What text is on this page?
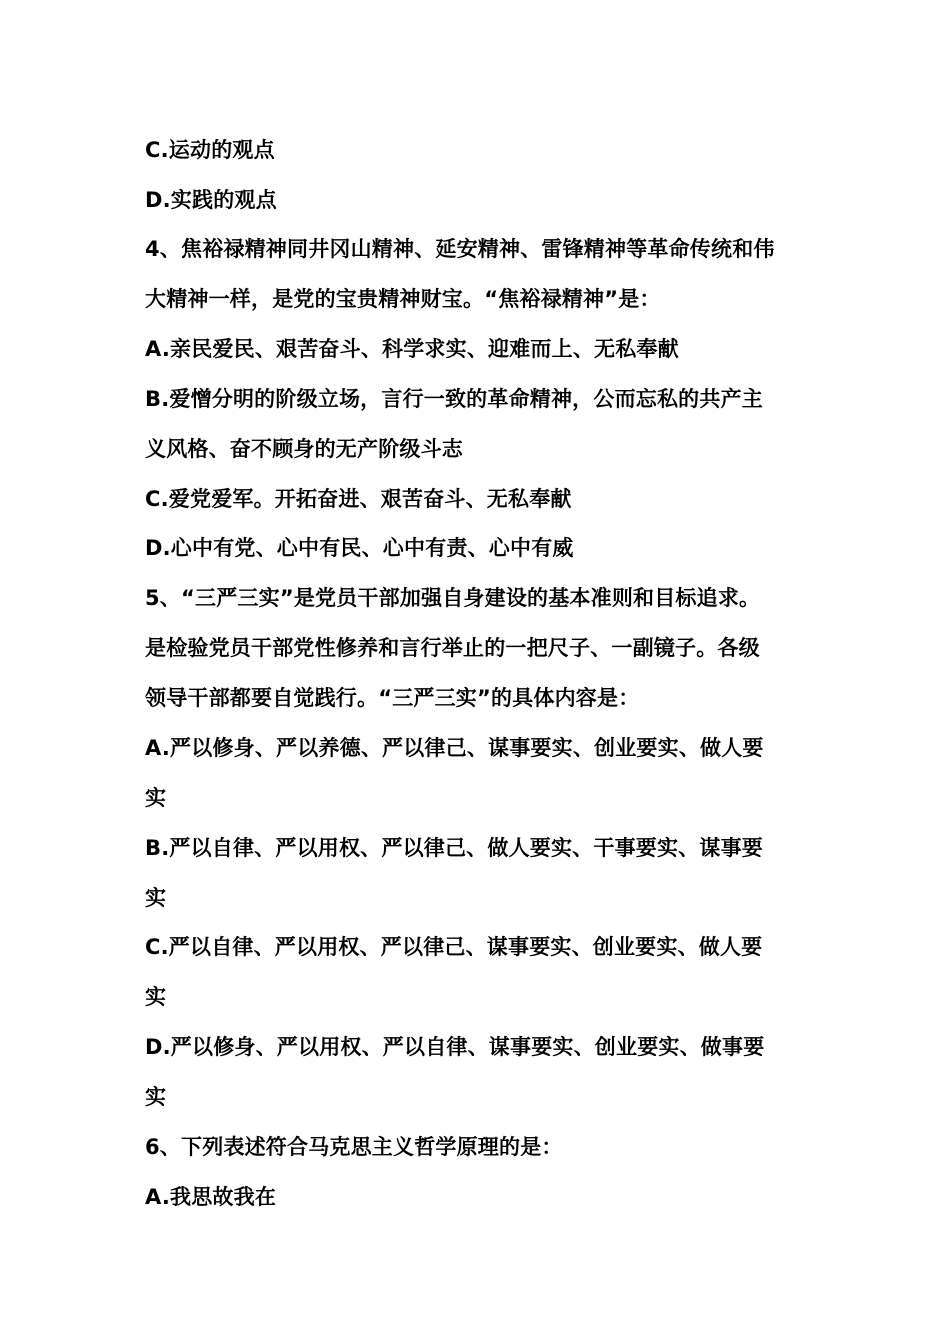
C.运动的观点
D.实践的观点
4、焦裕禄精神同井冈山精神、延安精神、雷锋精神等革命传统和伟
大精神一样，是党的宝贵精神财宝。“焦裕禄精神”是：
A.亲民爱民、艰苦奋斗、科学求实、迎难而上、无私奉献
B.爱憎分明的阶级立场，言行一致的革命精神，公而忘私的共产主
义风格、奋不顾身的无产阶级斗志
C.爱党爱军。开拓奋进、艰苦奋斗、无私奉献
D.心中有党、心中有民、心中有责、心中有威
5、“三严三实”是党员干部加强自身建设的基本准则和目标追求。
是检验党员干部党性修养和言行举止的一把尺子、一副镜子。各级
领导干部都要自觉践行。“三严三实”的具体内容是：
A.严以修身、严以养德、严以律己、谋事要实、创业要实、做人要
实
B.严以自律、严以用权、严以律己、做人要实、干事要实、谋事要
实
C.严以自律、严以用权、严以律己、谋事要实、创业要实、做人要
实
D.严以修身、严以用权、严以自律、谋事要实、创业要实、做事要
实
6、下列表述符合马克思主义哲学原理的是：
A.我思故我在
